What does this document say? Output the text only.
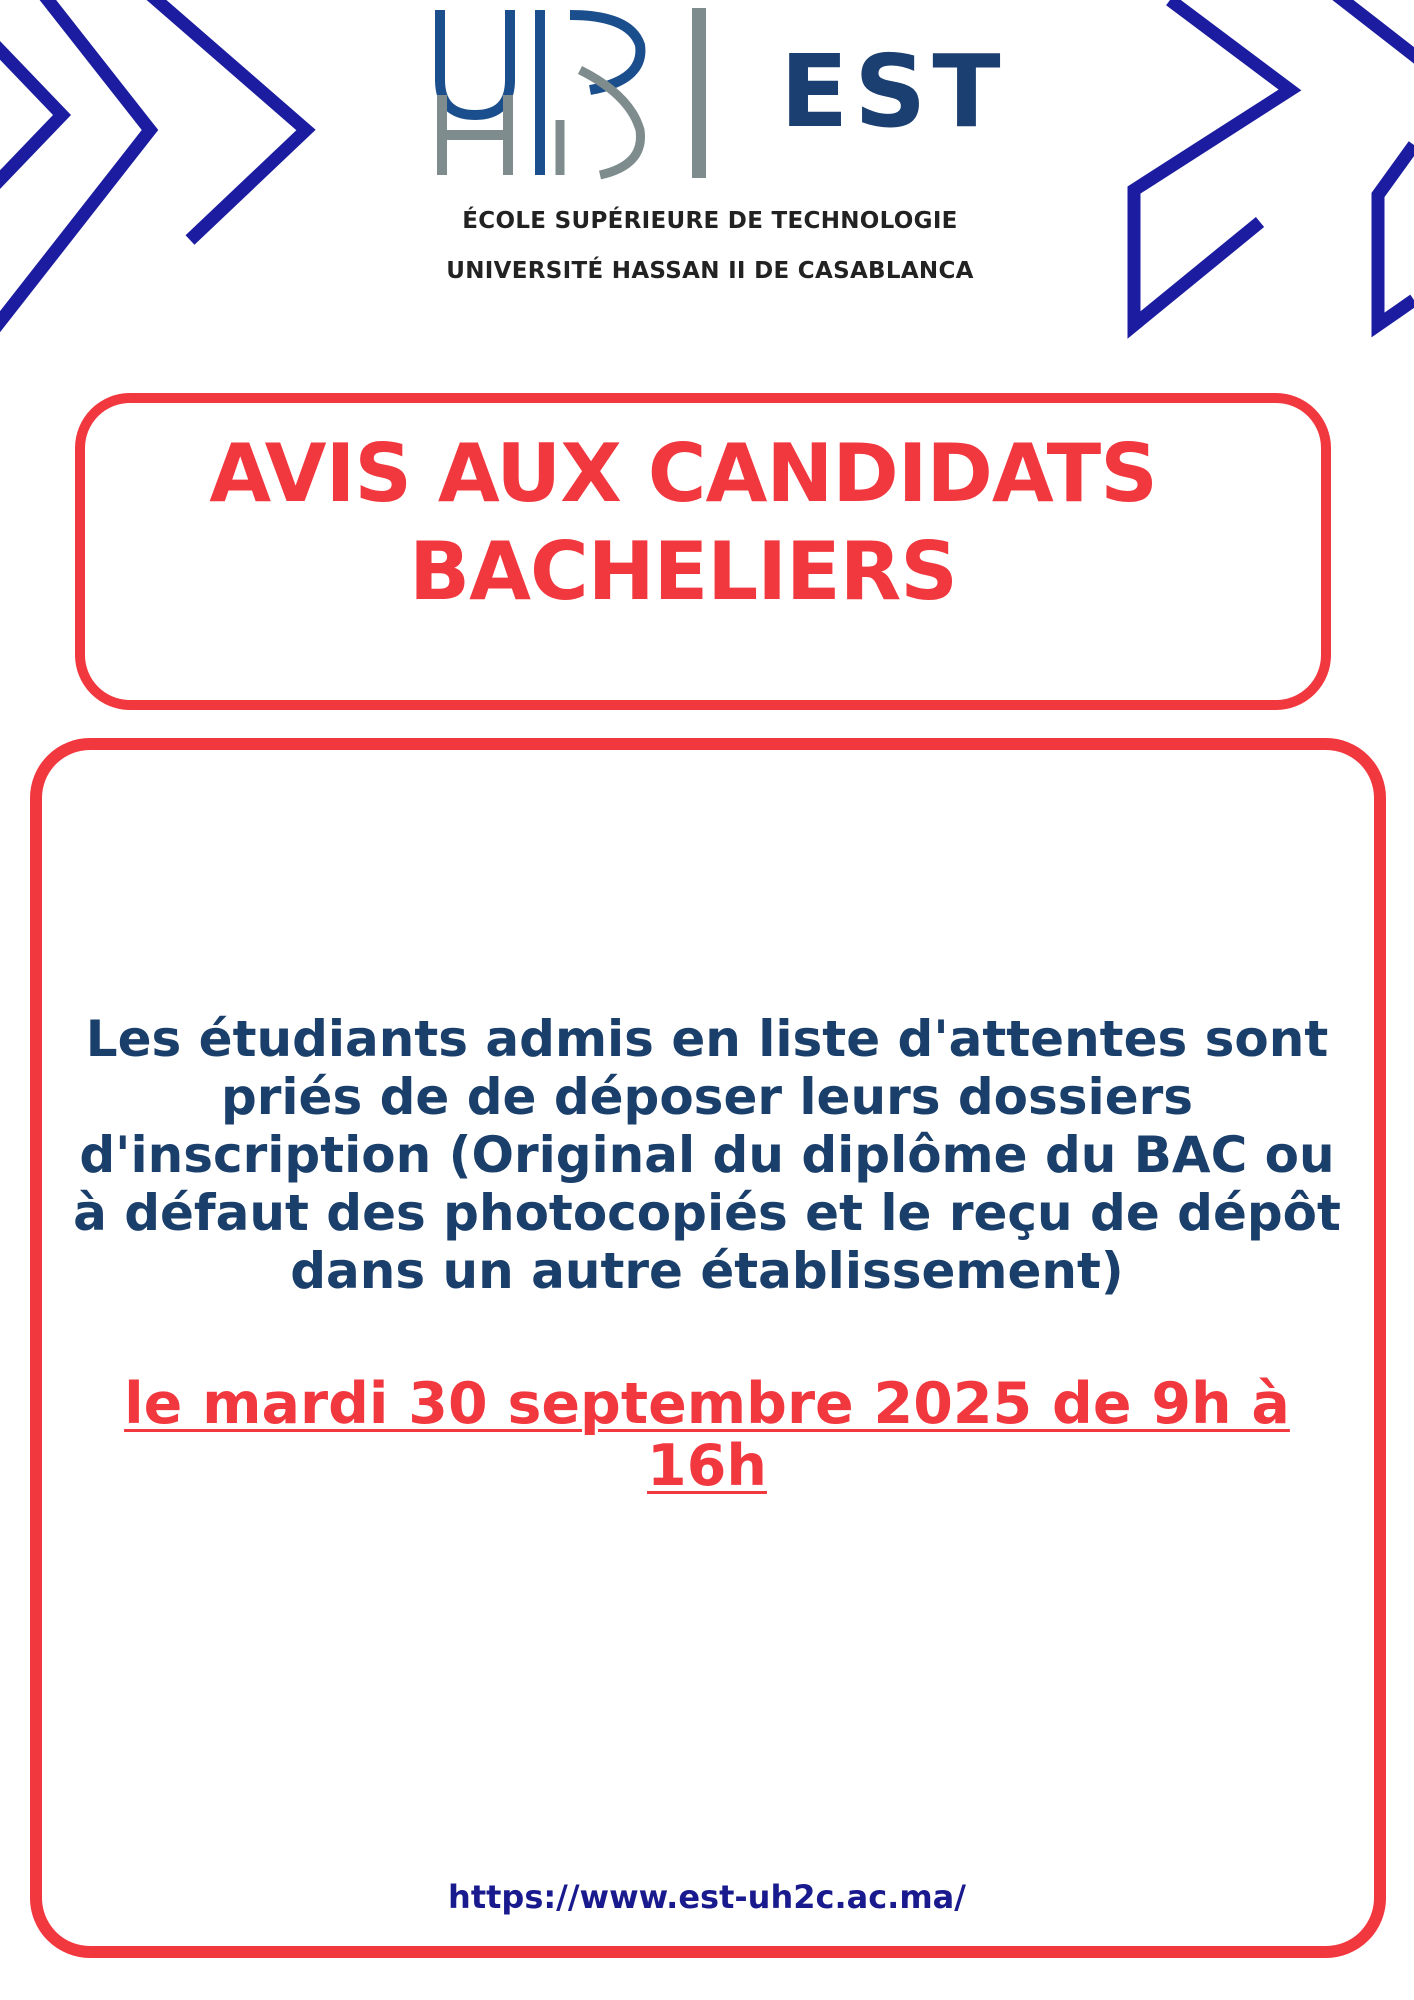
EST
ÉCOLE SUPÉRIEURE DE TECHNOLOGIE
UNIVERSITÉ HASSAN II DE CASABLANCA
AVIS AUX CANDIDATS
BACHELIERS
Les étudiants admis en liste d'attentes sont priés de de déposer leurs dossiers d'inscription (Original du diplôme du BAC ou à défaut des photocopiés et le reçu de dépôt dans un autre établissement)
le mardi 30 septembre 2025 de 9h à 16h
https://www.est-uh2c.ac.ma/
